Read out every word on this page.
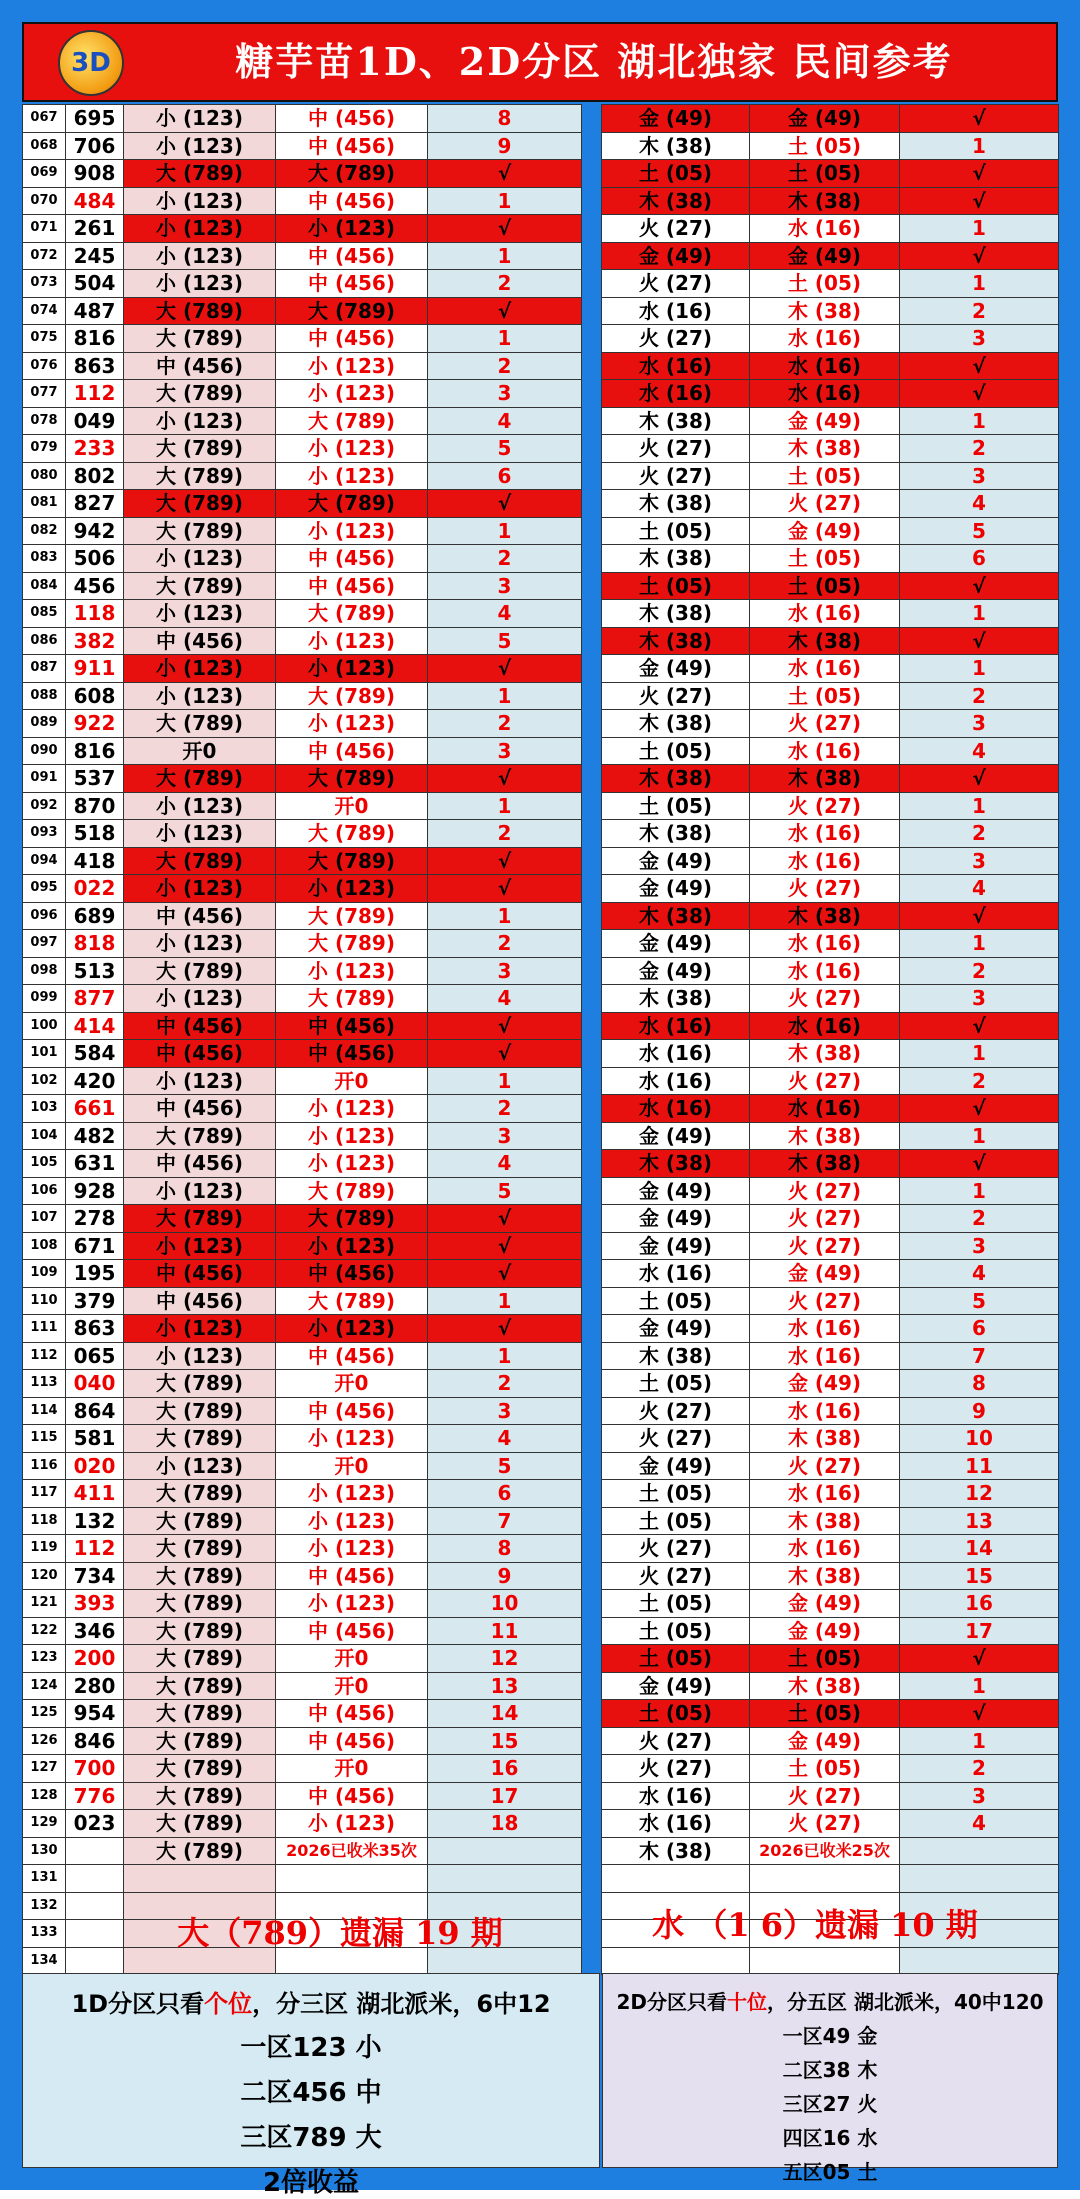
3D	糖芋苗1D、2D分区 湖北独家 民间参考
067	695	小 (123)	中 (456)	8		金 (49)	金 (49)	√
068	706	小 (123)	中 (456)	9		木 (38)	土 (05)	1
069	908	大 (789)	大 (789)	√		土 (05)	土 (05)	√
070	484	小 (123)	中 (456)	1		木 (38)	木 (38)	√
071	261	小 (123)	小 (123)	√		火 (27)	水 (16)	1
072	245	小 (123)	中 (456)	1		金 (49)	金 (49)	√
073	504	小 (123)	中 (456)	2		火 (27)	土 (05)	1
074	487	大 (789)	大 (789)	√		水 (16)	木 (38)	2
075	816	大 (789)	中 (456)	1		火 (27)	水 (16)	3
076	863	中 (456)	小 (123)	2		水 (16)	水 (16)	√
077	112	大 (789)	小 (123)	3		水 (16)	水 (16)	√
078	049	小 (123)	大 (789)	4		木 (38)	金 (49)	1
079	233	大 (789)	小 (123)	5		火 (27)	木 (38)	2
080	802	大 (789)	小 (123)	6		火 (27)	土 (05)	3
081	827	大 (789)	大 (789)	√		木 (38)	火 (27)	4
082	942	大 (789)	小 (123)	1		土 (05)	金 (49)	5
083	506	小 (123)	中 (456)	2		木 (38)	土 (05)	6
084	456	大 (789)	中 (456)	3		土 (05)	土 (05)	√
085	118	小 (123)	大 (789)	4		木 (38)	水 (16)	1
086	382	中 (456)	小 (123)	5		木 (38)	木 (38)	√
087	911	小 (123)	小 (123)	√		金 (49)	水 (16)	1
088	608	小 (123)	大 (789)	1		火 (27)	土 (05)	2
089	922	大 (789)	小 (123)	2		木 (38)	火 (27)	3
090	816	开0	中 (456)	3		土 (05)	水 (16)	4
091	537	大 (789)	大 (789)	√		木 (38)	木 (38)	√
092	870	小 (123)	开0	1		土 (05)	火 (27)	1
093	518	小 (123)	大 (789)	2		木 (38)	水 (16)	2
094	418	大 (789)	大 (789)	√		金 (49)	水 (16)	3
095	022	小 (123)	小 (123)	√		金 (49)	火 (27)	4
096	689	中 (456)	大 (789)	1		木 (38)	木 (38)	√
097	818	小 (123)	大 (789)	2		金 (49)	水 (16)	1
098	513	大 (789)	小 (123)	3		金 (49)	水 (16)	2
099	877	小 (123)	大 (789)	4		木 (38)	火 (27)	3
100	414	中 (456)	中 (456)	√		水 (16)	水 (16)	√
101	584	中 (456)	中 (456)	√		水 (16)	木 (38)	1
102	420	小 (123)	开0	1		水 (16)	火 (27)	2
103	661	中 (456)	小 (123)	2		水 (16)	水 (16)	√
104	482	大 (789)	小 (123)	3		金 (49)	木 (38)	1
105	631	中 (456)	小 (123)	4		木 (38)	木 (38)	√
106	928	小 (123)	大 (789)	5		金 (49)	火 (27)	1
107	278	大 (789)	大 (789)	√		金 (49)	火 (27)	2
108	671	小 (123)	小 (123)	√		金 (49)	火 (27)	3
109	195	中 (456)	中 (456)	√		水 (16)	金 (49)	4
110	379	中 (456)	大 (789)	1		土 (05)	火 (27)	5
111	863	小 (123)	小 (123)	√		金 (49)	水 (16)	6
112	065	小 (123)	中 (456)	1		木 (38)	水 (16)	7
113	040	大 (789)	开0	2		土 (05)	金 (49)	8
114	864	大 (789)	中 (456)	3		火 (27)	水 (16)	9
115	581	大 (789)	小 (123)	4		火 (27)	木 (38)	10
116	020	小 (123)	开0	5		金 (49)	火 (27)	11
117	411	大 (789)	小 (123)	6		土 (05)	水 (16)	12
118	132	大 (789)	小 (123)	7		土 (05)	木 (38)	13
119	112	大 (789)	小 (123)	8		火 (27)	水 (16)	14
120	734	大 (789)	中 (456)	9		火 (27)	木 (38)	15
121	393	大 (789)	小 (123)	10		土 (05)	金 (49)	16
122	346	大 (789)	中 (456)	11		土 (05)	金 (49)	17
123	200	大 (789)	开0	12		土 (05)	土 (05)	√
124	280	大 (789)	开0	13		金 (49)	木 (38)	1
125	954	大 (789)	中 (456)	14		土 (05)	土 (05)	√
126	846	大 (789)	中 (456)	15		火 (27)	金 (49)	1
127	700	大 (789)	开0	16		火 (27)	土 (05)	2
128	776	大 (789)	中 (456)	17		水 (16)	火 (27)	3
129	023	大 (789)	小 (123)	18		水 (16)	火 (27)	4
130		大 (789)	2026已收米35次			木 (38)	2026已收米25次	
131								
132								
133								
134								
大（789）遗漏 19 期	水 （1 6）遗漏 10 期
1D分区只看个位，分三区 湖北派米，6中12
一区123 小
二区456 中
三区789 大
2倍收益
2D分区只看十位，分五区 湖北派米，40中120
一区49 金
二区38 木
三区27 火
四区16 水
五区05 土
